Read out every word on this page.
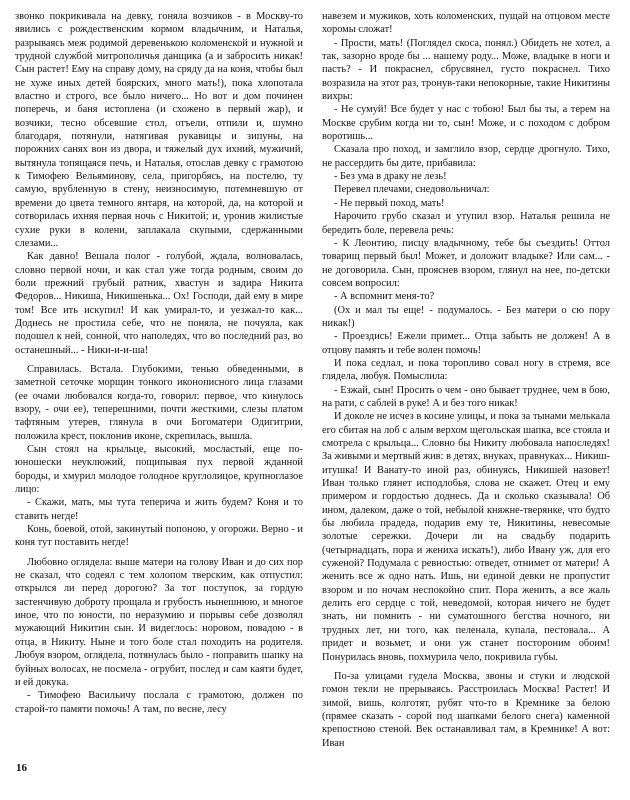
звонко покрикивала на девку, гоняла возчиков - в Москву-то явились с рождественским кормом владычним, и Наталья, разрываясь меж родимой деревенькою коломенской и нужной и трудной службой митрополичья данщика (а и забросить никак! Сын растет! Ему на справу дому, на сряду да на коня, чтобы был не хуже иных детей боярских, много мать!), пока хлопотала властно и строго, все было ничего... Но вот и дом починен поперечь, и баня истоплена (и схожено в первый жар), и возчики, тесно обсевшие стол, отъели, отпили и, шумно благодаря, потянули, натягивая рукавицы и зипуны, на порожних санях вон из двора, и тяжелый дух ихний, мужичий, вытянула топящаяся печь, и Наталья, отослав девку с грамотою к Тимофею Вельяминову, села, пригорбясь, на постелю, ту самую, врубленную в стену, неизносимую, потемневшую от времени до цвета темного янтаря, на которой, да, на которой и сотворилась ихняя первая ночь с Никитой; и, уронив жилистые сухие руки в колени, заплакала скупыми, сдержанными слезами...

Как давно! Вешала полог - голубой, ждала, волновалась, словно первой ночи, и как стал уже тогда родным, своим до боли прежний грубый ратник, хвастун и задира Никита Федоров... Никиша, Никишенька... Ох! Господи, дай ему в мире том! Все ить искупил! И как умирал-то, и уезжал-то как... Доднесь не простила себе, что не поняла, не почуяла, как подошел к ней, сонной, что наполедях, что во последний раз, во останешный... - Ники-и-и-ша!

Справилась. Встала. Глубокими, тенью обведенными, в заметной сеточке морщин тонкого иконописного лица глазами (ее очами любовался когда-то, говорил: первое, что кинулось взору, - очи ее), теперешними, почти жесткими, слезы платом тафтяным утерев, глянула в очи Богоматери Одигитрии, положила крест, поклонив иконе, скрепилась, вышла.

Сын стоял на крыльце, высокий, мосластый, еще по-юношески неуклюжий, пощипывая пух первой жданной бороды, и хмурил молодое голодное круглолицое, крупноглазое лицо:

- Скажи, мать, мы тута теперича и жить будем? Коня и то ставить негде!

Конь, боевой, отой, закинутый попоною, у огорожи. Верно - и коня тут поставить негде!

Любовно оглядела: выше матери на голову Иван и до сих пор не сказал, что содеял с тем холопом тверским, как отпустил: открылся ли перед дорогою? За тот поступок, за гордую застенчивую доброту прощала и грубость нынешнюю, и многое иное, что по юности, по неразумию и порывы себе дозволял мужающий Никитин сын. И видеглось: норовом, повадою - в отца, в Никиту. Ныне и того боле стал походить на родителя. Любуя взором, оглядела, потянулась было - поправить шапку на буйных волосах, не посмела - огрубит, послед и сам каяти будет, и ей докука.

- Тимофею Васильичу послала с грамотою, должен по старой-то памяти помочь! А там, по весне, лесу

навезем и мужиков, хоть коломенских, пущай на отцовом месте хоромы сложат!

- Прости, мать! (Поглядел скоса, понял.) Обидеть не хотел, а так, зазорно вроде бы ... нашему роду... Може, владыке в ноги и пасть? - И покраснел, сбрусвянел, густо покраснел. Тихо возразила на этот раз, тронув-таки непокорные, такие Никитины вихры:

- Не сумуй! Все будет у нас с тобою! Был бы ты, а терем на Москве срубим когда ни то, сын! Може, и с походом с добром воротишь...

Сказала про поход, и замглило взор, сердце дрогнуло. Тихо, не рассердить бы дите, прибавила:

- Без ума в драку не лезь!

Перевел плечами, снедовольничал:

- Не первый поход, мать!

Нарочито грубо сказал и утупил взор. Наталья решила не бередить боле, перевела речь:

- К Леонтию, писцу владычному, тебе бы съездить! Оттол товарищ первый был! Может, и доложит владыке? Или сам... - не договорила. Сын, прояснев взором, глянул на нее, по-детски совсем вопросил:

- А вспомнит меня-то?

(Ох и мал ты еще! - подумалось. - Без матери о сю пору никак!)

- Проездись! Ежели примет... Отца забыть не должен! А в отцову память и тебе волен помочь!

И пока седлал, и пока торопливо совал ногу в стремя, все глядела, любуя. Помыслила:

- Езжай, сын! Просить о чем - оно бывает труднее, чем в бою, на рати, с саблей в руке! А и без того никак!

И доколе не исчез в косине улицы, и пока за тынами мелькала его сбитая на лоб с алым верхом щегольская шапка, все стояла и смотрела с крыльца... Словно бы Никиту любовала напоследях! За живыми и мертвый жив: в детях, внуках, правнуках... Никиш-итушка! И Ванату-то иной раз, обинуясь, Никишей назовет! Иван только глянет исподлобья, слова не скажет. Отец и ему примером и гордостью доднесь. Да и сколько сказывала! Об ином, далеком, даже о той, небылой княжне-тверянке, что будто бы любила прадеда, подарив ему те, Никитины, невесомые золотые сережки. Дочери ли на свадьбу подарить (четырнадцать, пора и жениха искать!), либо Ивану уж, для его суженой? Подумала с ревностью: отведет, отнимет от матери! А женить все ж одно нать. Ишь, ни единой девки не пропустит взором и по ночам неспокойно спит. Пора женить, а все жаль делить его сердце с той, неведомой, которая ничего не будет знать, ни помнить - ни суматошного бегства ночного, ни трудных лет, ни того, как пеленала, купала, пестовала... А придет и возьмет, и они уж станет постороним обоим! Понурилась вновь, похмурила чело, покривила губы.

По-за улицами гудела Москва, звоны и стуки и людской гомон текли не прерываясь. Расстроилась Москва! Растет! И зимой, вишь, колготят, рубят что-то в Кремнике за белою (прямее сказать - сорой под шапками белого снега) каменной крепостною стеной. Век останавливал там, в Кремнике! А вот: Иван

16
